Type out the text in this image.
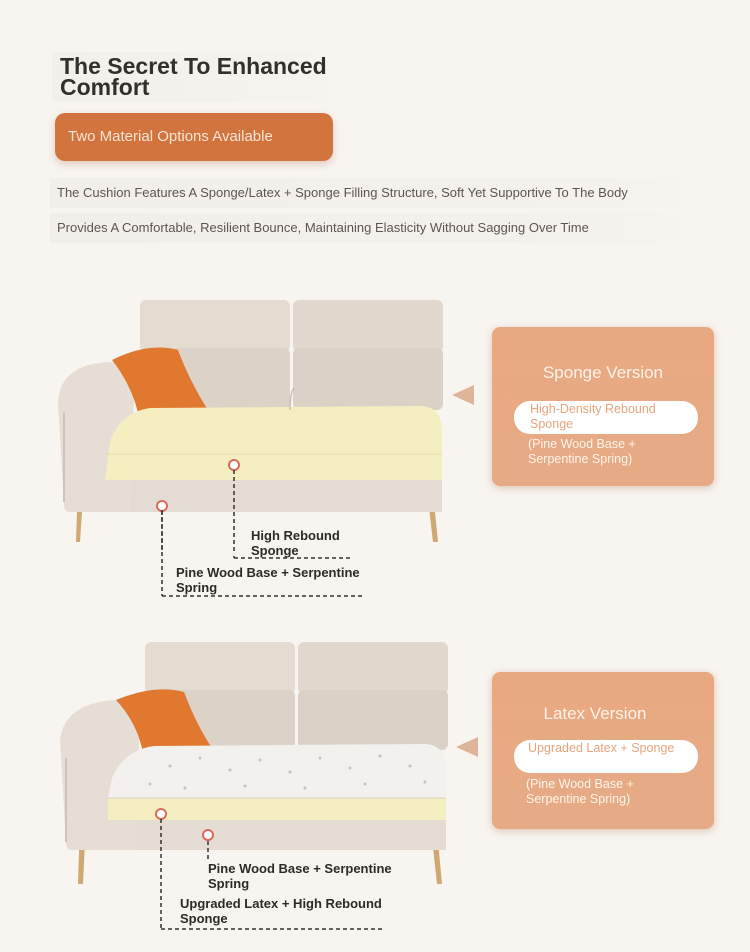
The Secret To Enhanced Comfort
Two Material Options Available
The Cushion Features A Sponge/Latex + Sponge Filling Structure, Soft Yet Supportive To The Body
Provides A Comfortable, Resilient Bounce, Maintaining Elasticity Without Sagging Over Time
High Rebound Sponge
Pine Wood Base + Serpentine Spring
Sponge Version
High-Density Rebound Sponge
(Pine Wood Base + Serpentine Spring)
Pine Wood Base + Serpentine Spring
Upgraded Latex + High Rebound Sponge
Latex Version
Upgraded Latex + Sponge
(Pine Wood Base + Serpentine Spring)
